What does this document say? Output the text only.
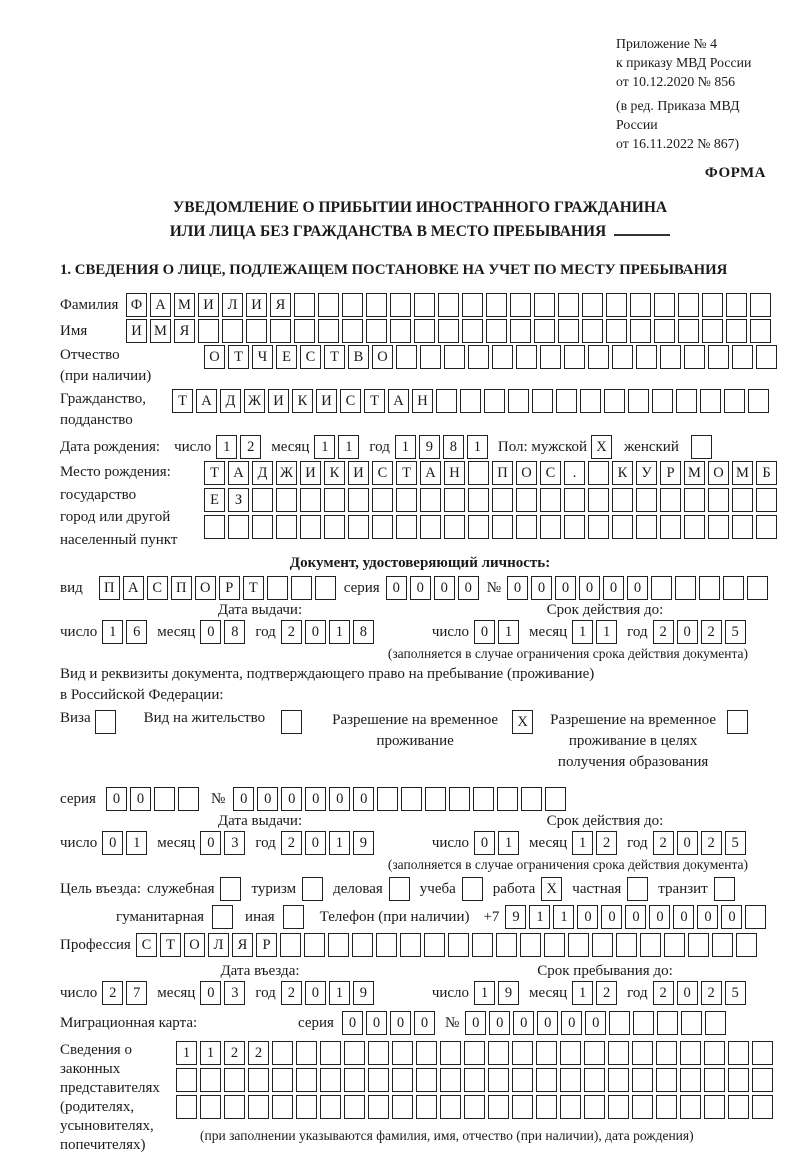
Приложение № 4
к приказу МВД России
от 10.12.2020 № 856
(в ред. Приказа МВД России
от 16.11.2022 № 867)
ФОРМА
УВЕДОМЛЕНИЕ О ПРИБЫТИИ ИНОСТРАННОГО ГРАЖДАНИНА
ИЛИ ЛИЦА БЕЗ ГРАЖДАНСТВА В МЕСТО ПРЕБЫВАНИЯ
1. СВЕДЕНИЯ О ЛИЦЕ, ПОДЛЕЖАЩЕМ ПОСТАНОВКЕ НА УЧЕТ ПО МЕСТУ ПРЕБЫВАНИЯ
Фамилия Ф А М И Л И Я
Имя	И М Я
Отчество
(при наличии)
О Т	Ч	Е	С	Т	В О
Гражданство,
подданство
Т А Д Ж И К И С	Т А Н
Дата рождения: число 1	2	месяц 1	1	год 1	9	8	1	Пол: мужской X	женский
Место рождения:
государство
город или другой
населенный пункт
Т А Д Ж И К И С	Т А Н	П О С	.	К У	Р М О М Б
Е	З
Документ, удостоверяющий личность:
вид	П А С П О	Р	Т	серия 0	0	0	0 № 0	0	0	0	0	0
Дата выдачи:	Срок действия до:
число 1	6	месяц 0	8	год 2	0	1	8	число 0	1	месяц 1	1	год 2	0	2	5
(заполняется в случае ограничения срока действия документа)
Вид и реквизиты документа, подтверждающего право на пребывание (проживание)
в Российской Федерации:
Виза	Вид на жительство	Разрешение на временное проживание
X	Разрешение на временное проживание в целях получения образования
серия	0	0	№	0	0	0	0	0	0
Дата выдачи:	Срок действия до:
число 0	1	месяц 0	3	год 2	0	1	9	число 0	1	месяц 1	2	год 2	0	2	5
(заполняется в случае ограничения срока действия документа)
Цель въезда: служебная туризм деловая учеба работа X	частная транзит
гуманитарная	иная	Телефон (при наличии) +7 9	1	1	0	0	0	0	0	0	0
Профессия С	Т О Л Я	Р
Дата въезда:	Срок пребывания до:
число 2	7	месяц 0	3	год 2	0	1	9	число 1	9	месяц 1	2	год 2	0	2	5
Миграционная карта:	серия	0	0	0	0	№ 0	0	0	0	0	0
Сведения о
законных
представителях
(родителях,
усыновителях,
попечителях)
1	1	2	2
(при заполнении указываются фамилия, имя, отчество (при наличии), дата рождения)
